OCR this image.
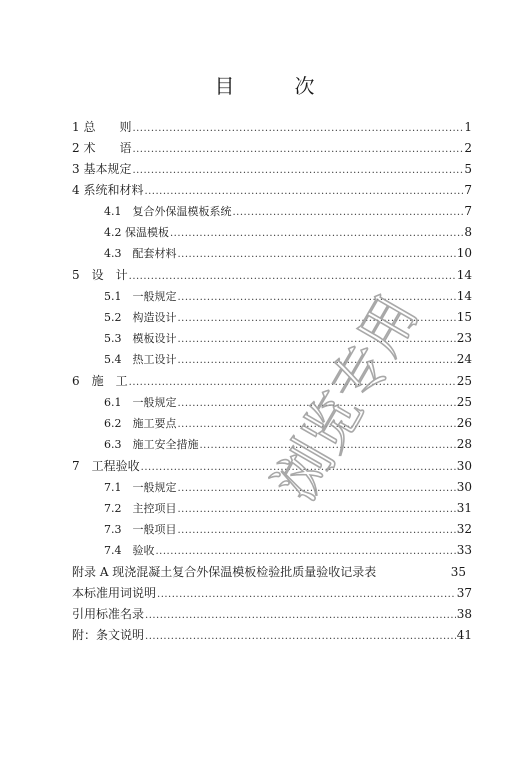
目　次
1 总　　则 .....	1
2 术　　语 .....	2
3 基本规定 .....	5
4 系统和材料 .....	7
4.1　复合外保温模板系统 .....	7
4.2 保温模板 .....	8
4.3　配套材料 .....	10
5　设　计 .....	14
5.1　一般规定 .....	14
5.2　构造设计 .....	15
5.3　模板设计 .....	23
5.4　热工设计 .....	24
6　施　工 .....	25
6.1　一般规定 .....	25
6.2　施工要点 .....	26
6.3　施工安全措施 .....	28
7　工程验收 .....	30
7.1　一般规定 .....	30
7.2　主控项目 .....	31
7.3　一般项目 .....	32
7.4　验收 .....	33
附录 A 现浇混凝土复合外保温模板检验批质量验收记录表	35
本标准用词说明 .....	37
引用标准名录 .....	38
附：条文说明 .....	41
浏览专用
